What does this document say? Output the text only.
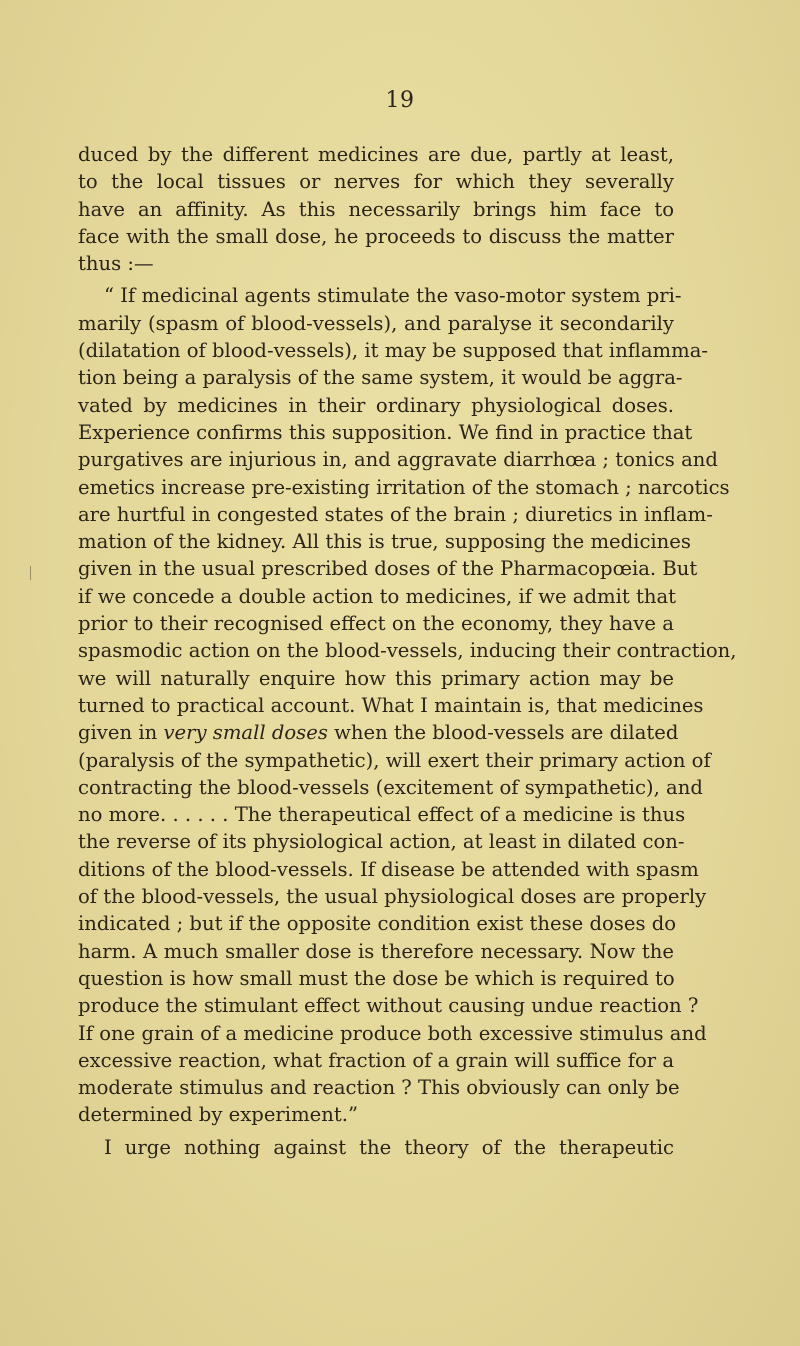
19
duced by the different medicines are due, partly at least,
to the local tissues or nerves for which they severally
have an affinity. As this necessarily brings him face to
face with the small dose, he proceeds to discuss the matter
thus :—
“ If medicinal agents stimulate the vaso-motor system pri-
marily (spasm of blood-vessels), and paralyse it secondarily
(dilatation of blood-vessels), it may be supposed that inflamma-
tion being a paralysis of the same system, it would be aggra-
vated by medicines in their ordinary physiological doses.
Experience confirms this supposition. We find in practice that
purgatives are injurious in, and aggravate diarrhœa ; tonics and
emetics increase pre-existing irritation of the stomach ; narcotics
are hurtful in congested states of the brain ; diuretics in inflam-
mation of the kidney. All this is true, supposing the medicines
given in the usual prescribed doses of the Pharmacopœia. But
if we concede a double action to medicines, if we admit that
prior to their recognised effect on the economy, they have a
spasmodic action on the blood-vessels, inducing their contraction,
we will naturally enquire how this primary action may be
turned to practical account. What I maintain is, that medicines
given in very small doses when the blood-vessels are dilated
(paralysis of the sympathetic), will exert their primary action of
contracting the blood-vessels (excitement of sympathetic), and
no more. . . . . . The therapeutical effect of a medicine is thus
the reverse of its physiological action, at least in dilated con-
ditions of the blood-vessels. If disease be attended with spasm
of the blood-vessels, the usual physiological doses are properly
indicated ; but if the opposite condition exist these doses do
harm. A much smaller dose is therefore necessary. Now the
question is how small must the dose be which is required to
produce the stimulant effect without causing undue reaction ?
If one grain of a medicine produce both excessive stimulus and
excessive reaction, what fraction of a grain will suffice for a
moderate stimulus and reaction ? This obviously can only be
determined by experiment.”
I urge nothing against the theory of the therapeutic
